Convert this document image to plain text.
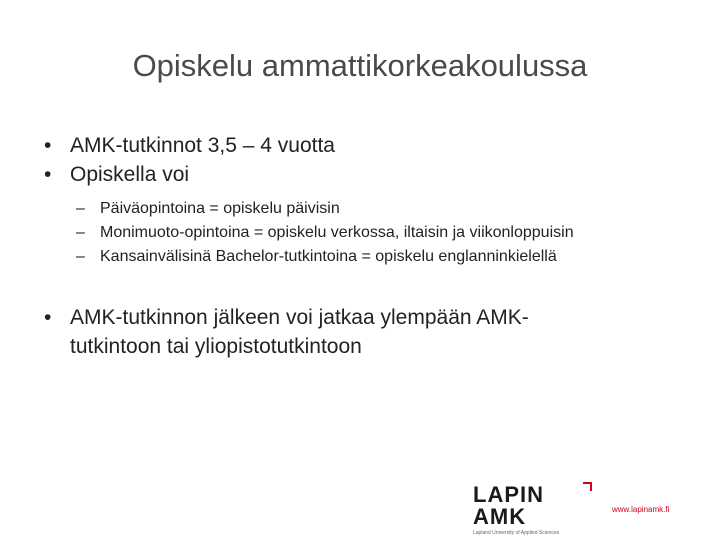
Opiskelu ammattikorkeakoulussa
• AMK-tutkinnot 3,5 – 4 vuotta
• Opiskella voi
– Päiväopintoina = opiskelu päivisin
– Monimuoto-opintoina = opiskelu verkossa, iltaisin ja viikonloppuisin
– Kansainvälisinä Bachelor-tutkintoina = opiskelu englanninkielellä
• AMK-tutkinnon jälkeen voi jatkaa ylempään AMK-tutkintoon tai yliopistotutkintoon
LAPIN AMK
Lapland University of Applied Sciences
www.lapinamk.fi
